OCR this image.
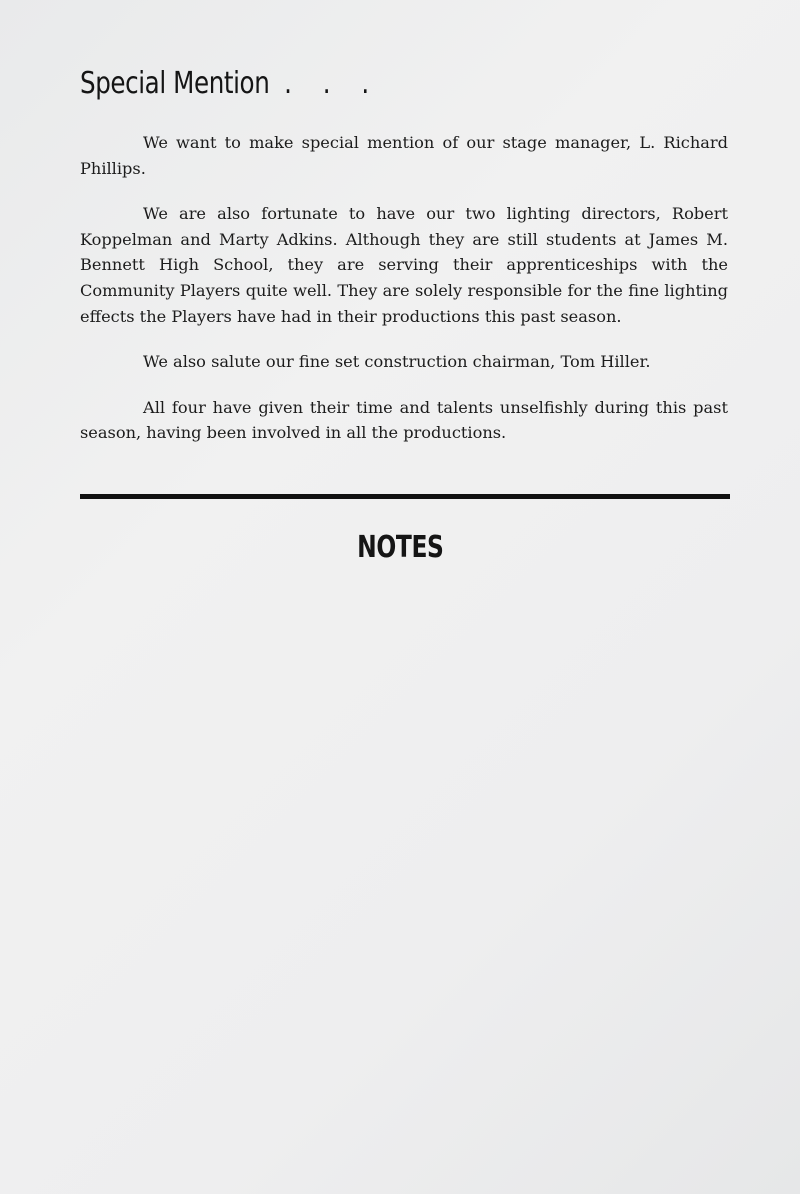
Special Mention . . .

We want to make special mention of our stage manager, L. Richard Phillips.

We are also fortunate to have our two lighting directors, Robert Koppelman and Marty Adkins. Although they are still students at James M. Bennett High School, they are serving their apprenticeships with the Community Players quite well. They are solely responsible for the fine lighting effects the Players have had in their productions this past season.

We also salute our fine set construction chairman, Tom Hiller.

All four have given their time and talents unselfishly during this past season, having been involved in all the productions.

NOTES
